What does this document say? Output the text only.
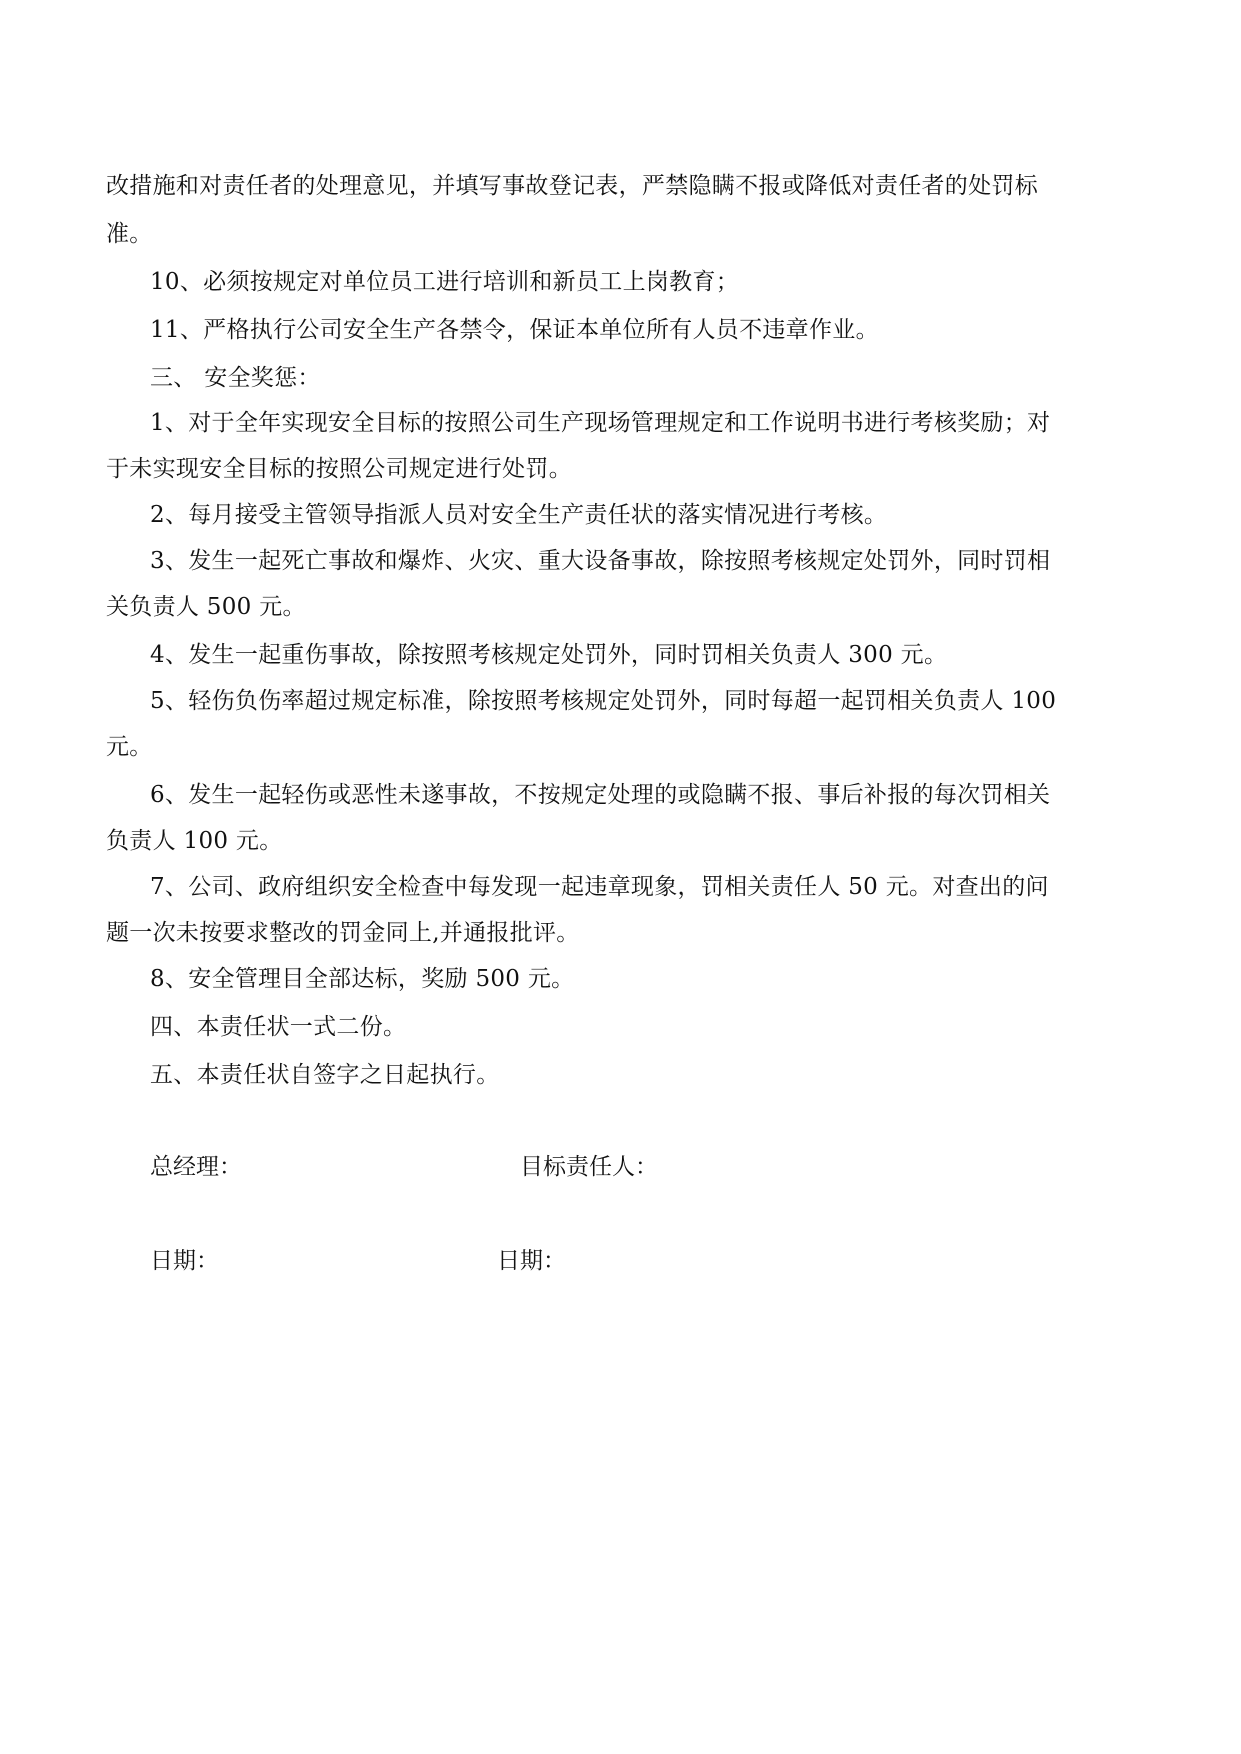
改措施和对责任者的处理意见，并填写事故登记表，严禁隐瞒不报或降低对责任者的处罚标
准。
10、必须按规定对单位员工进行培训和新员工上岗教育；
11、严格执行公司安全生产各禁令，保证本单位所有人员不违章作业。
三、 安全奖惩：
1、对于全年实现安全目标的按照公司生产现场管理规定和工作说明书进行考核奖励；对
于未实现安全目标的按照公司规定进行处罚。
2、每月接受主管领导指派人员对安全生产责任状的落实情况进行考核。
3、发生一起死亡事故和爆炸、火灾、重大设备事故，除按照考核规定处罚外，同时罚相
关负责人 500 元。
4、发生一起重伤事故，除按照考核规定处罚外，同时罚相关负责人 300 元。
5、轻伤负伤率超过规定标准，除按照考核规定处罚外，同时每超一起罚相关负责人 100
元。
6、发生一起轻伤或恶性未遂事故，不按规定处理的或隐瞒不报、事后补报的每次罚相关
负责人 100 元。
7、公司、政府组织安全检查中每发现一起违章现象，罚相关责任人 50 元。对查出的问
题一次未按要求整改的罚金同上,并通报批评。
8、安全管理目全部达标，奖励 500 元。
四、本责任状一式二份。
五、本责任状自签字之日起执行。
总经理：	目标责任人：
日期：	日期：
